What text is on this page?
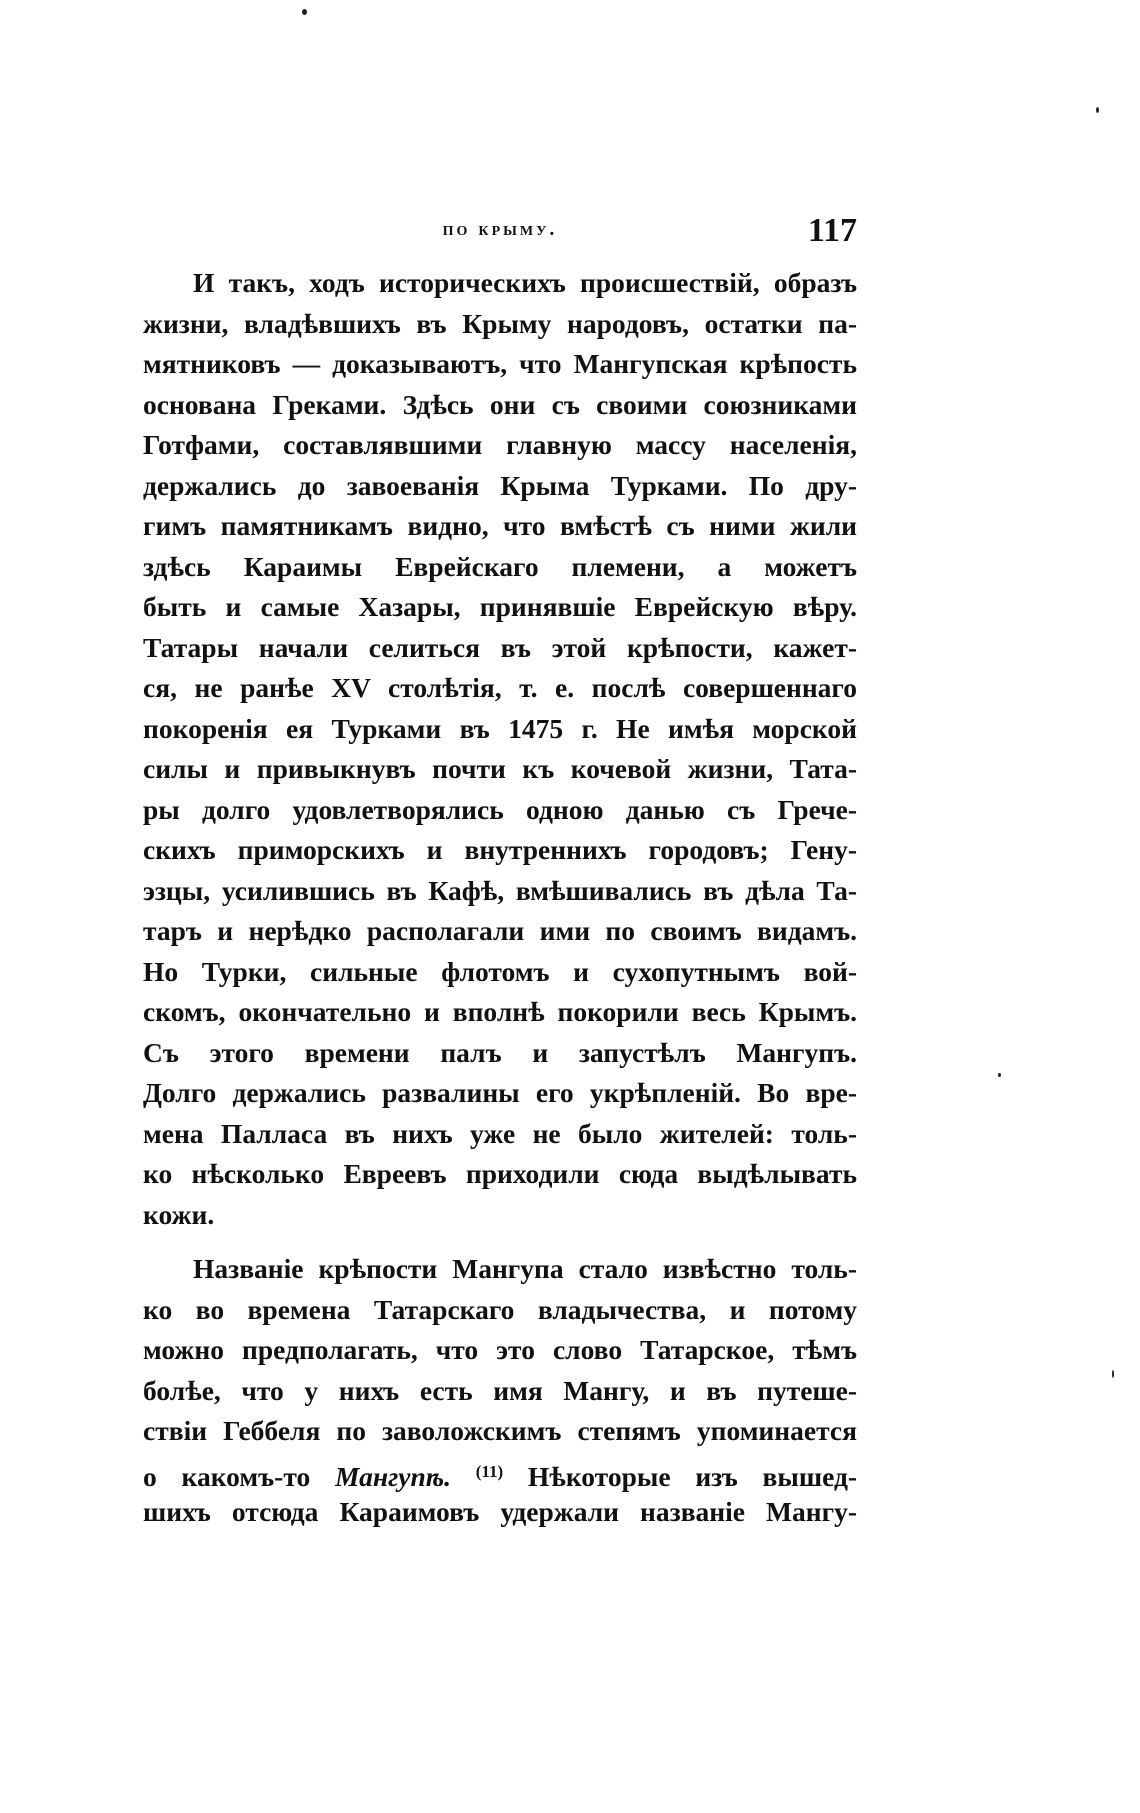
по крыму.	117
И такъ, ходъ историческихъ происшествій, образъ
жизни, владѣвшихъ въ Крыму народовъ, остатки па-
мятниковъ — доказываютъ, что Мангупская крѣпость
основана Греками. Здѣсь они съ своими союзниками
Готфами, составлявшими главную массу населенія,
держались до завоеванія Крыма Турками. По дру-
гимъ памятникамъ видно, что вмѣстѣ съ ними жили
здѣсь Караимы Еврейскаго племени, а можетъ
быть и самые Хазары, принявшіе Еврейскую вѣру.
Татары начали селиться въ этой крѣпости, кажет-
ся, не ранѣе XV столѣтія, т. е. послѣ совершеннаго
покоренія ея Турками въ 1475 г. Не имѣя морской
силы и привыкнувъ почти къ кочевой жизни, Тата-
ры долго удовлетворялись одною данью съ Грече-
скихъ приморскихъ и внутреннихъ городовъ; Гену-
эзцы, усилившись въ Кафѣ, вмѣшивались въ дѣла Та-
таръ и нерѣдко располагали ими по своимъ видамъ.
Но Турки, сильные флотомъ и сухопутнымъ вой-
скомъ, окончательно и вполнѣ покорили весь Крымъ.
Съ этого времени палъ и запустѣлъ Мангупъ.
Долго держались развалины его укрѣпленій. Во вре-
мена Палласа въ нихъ уже не было жителей: толь-
ко нѣсколько Евреевъ приходили сюда выдѣлывать
кожи.
Названіе крѣпости Мангупа стало извѣстно толь-
ко во времена Татарскаго владычества, и потому
можно предполагать, что это слово Татарское, тѣмъ
болѣе, что у нихъ есть имя Мангу, и въ путеше-
ствіи Геббеля по заволожскимъ степямъ упоминается
о какомъ-то Мангупѣ. $^{(11)}$ Нѣкоторые изъ вышед-
шихъ отсюда Караимовъ удержали названіе Мангу-
